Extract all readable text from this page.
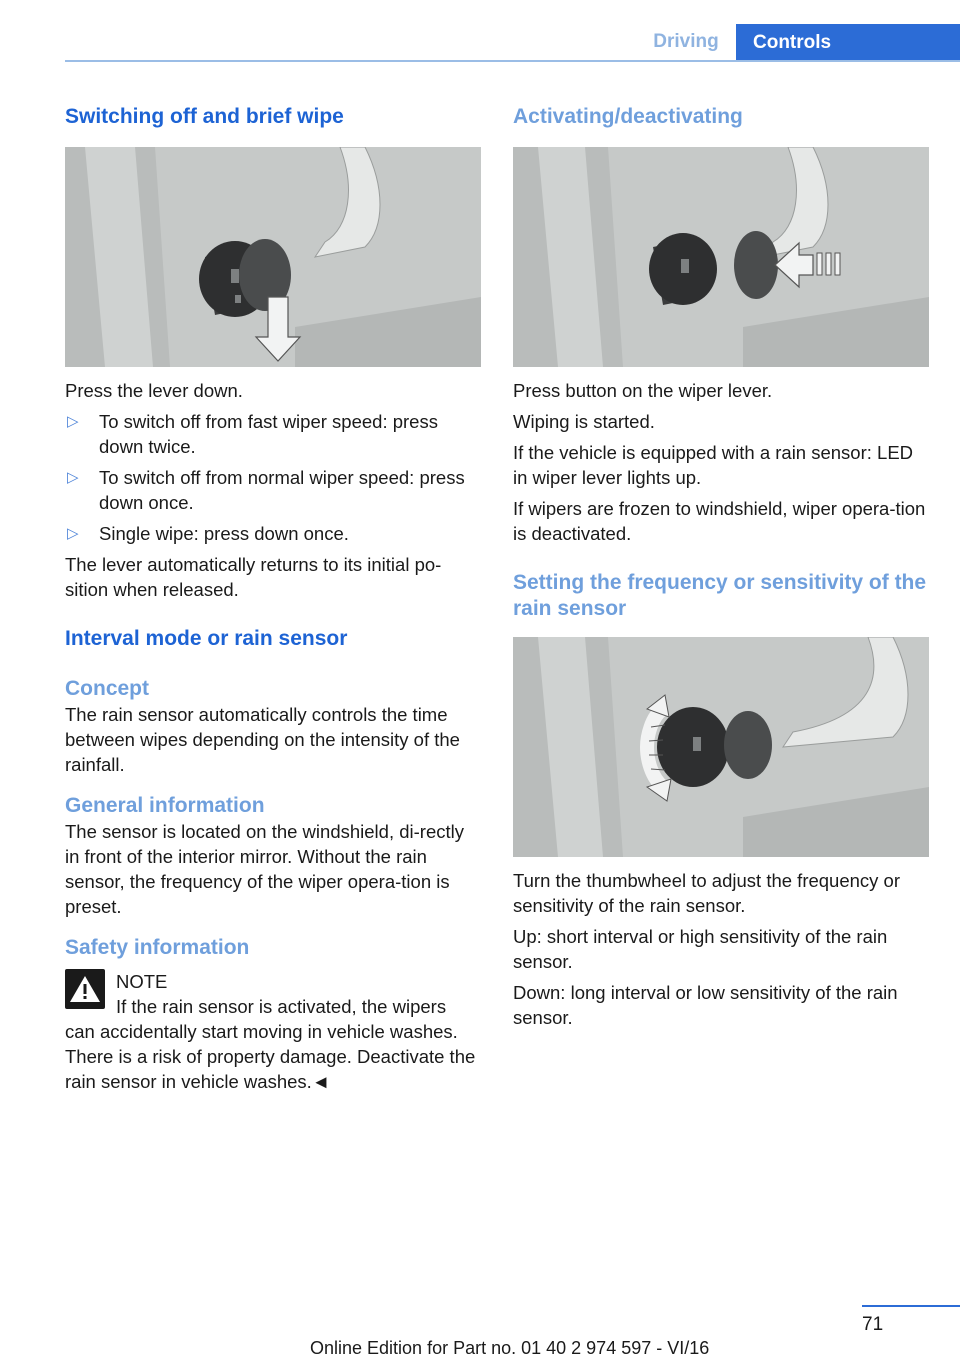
Driving	Controls
Switching off and brief wipe

Press the lever down.

▷	To switch off from fast wiper speed: press down twice.
▷	To switch off from normal wiper speed: press down once.
▷	Single wipe: press down once.

The lever automatically returns to its initial po‐sition when released.

Interval mode or rain sensor
Concept

The rain sensor automatically controls the time between wipes depending on the intensity of the rainfall.

General information

The sensor is located on the windshield, di‐rectly in front of the interior mirror. Without the rain sensor, the frequency of the wiper opera‐tion is preset.

Safety information

NOTE

If the rain sensor is activated, the wipers can accidentally start moving in vehicle washes. There is a risk of property damage. Deactivate the rain sensor in vehicle washes.◄

Activating/deactivating

Press button on the wiper lever.

Wiping is started.

If the vehicle is equipped with a rain sensor: LED in wiper lever lights up.

If wipers are frozen to windshield, wiper opera‐tion is deactivated.

Setting the frequency or sensitivity of the rain sensor

Turn the thumbwheel to adjust the frequency or sensitivity of the rain sensor.

Up: short interval or high sensitivity of the rain sensor.

Down: long interval or low sensitivity of the rain sensor.

71
Online Edition for Part no. 01 40 2 974 597 - VI/16
